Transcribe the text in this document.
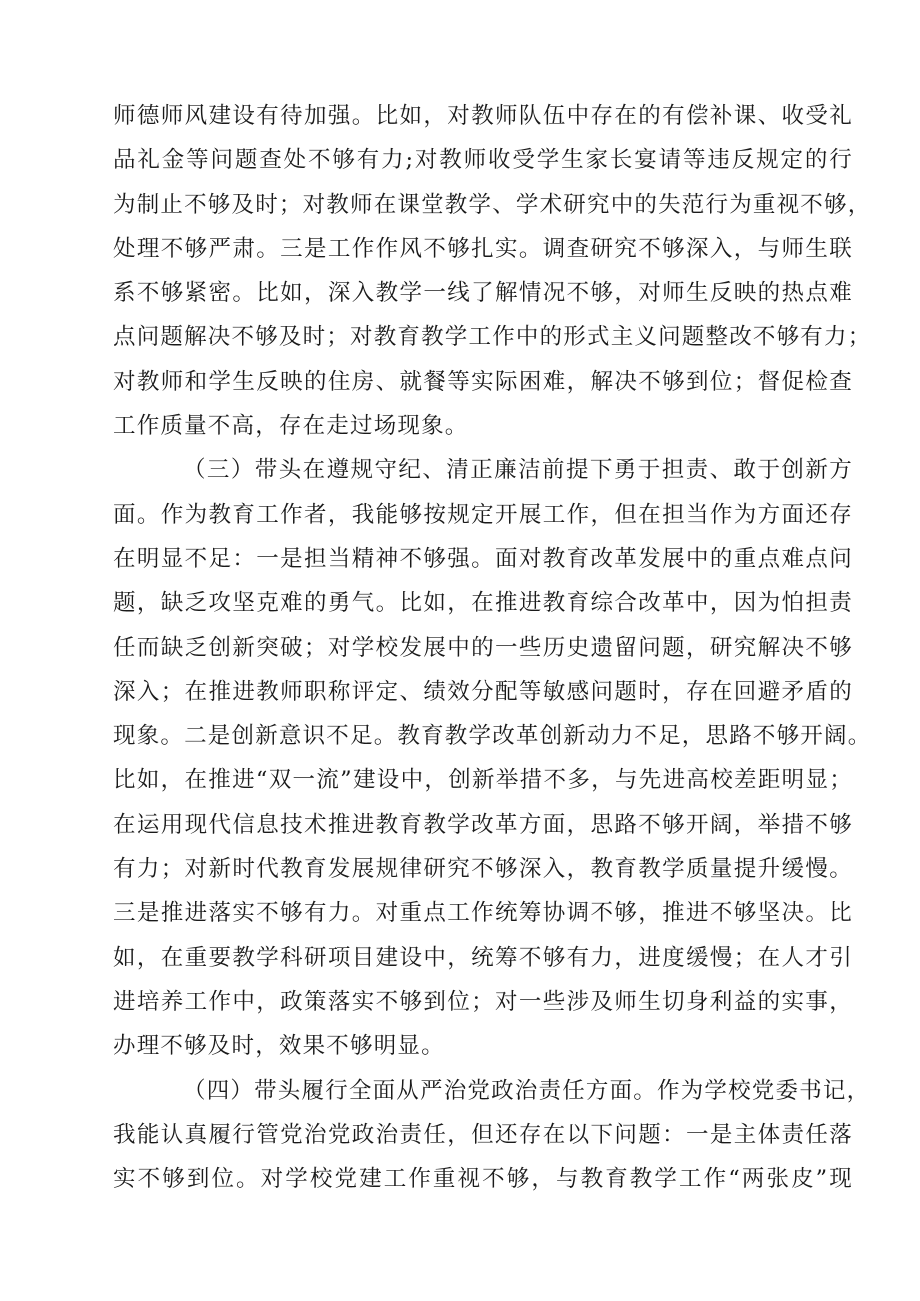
师德师风建设有待加强。比如，对教师队伍中存在的有偿补课、收受礼
品礼金等问题查处不够有力;对教师收受学生家长宴请等违反规定的行
为制止不够及时；对教师在课堂教学、学术研究中的失范行为重视不够，
处理不够严肃。三是工作作风不够扎实。调查研究不够深入，与师生联
系不够紧密。比如，深入教学一线了解情况不够，对师生反映的热点难
点问题解决不够及时；对教育教学工作中的形式主义问题整改不够有力；
对教师和学生反映的住房、就餐等实际困难，解决不够到位；督促检查
工作质量不高，存在走过场现象。
（三）带头在遵规守纪、清正廉洁前提下勇于担责、敢于创新方
面。作为教育工作者，我能够按规定开展工作，但在担当作为方面还存
在明显不足：一是担当精神不够强。面对教育改革发展中的重点难点问
题，缺乏攻坚克难的勇气。比如，在推进教育综合改革中，因为怕担责
任而缺乏创新突破；对学校发展中的一些历史遗留问题，研究解决不够
深入；在推进教师职称评定、绩效分配等敏感问题时，存在回避矛盾的
现象。二是创新意识不足。教育教学改革创新动力不足，思路不够开阔。
比如，在推进“双一流”建设中，创新举措不多，与先进高校差距明显；
在运用现代信息技术推进教育教学改革方面，思路不够开阔，举措不够
有力；对新时代教育发展规律研究不够深入，教育教学质量提升缓慢。
三是推进落实不够有力。对重点工作统筹协调不够，推进不够坚决。比
如，在重要教学科研项目建设中，统筹不够有力，进度缓慢；在人才引
进培养工作中，政策落实不够到位；对一些涉及师生切身利益的实事，
办理不够及时，效果不够明显。
（四）带头履行全面从严治党政治责任方面。作为学校党委书记，
我能认真履行管党治党政治责任，但还存在以下问题：一是主体责任落
实不够到位。对学校党建工作重视不够，与教育教学工作“两张皮”现
